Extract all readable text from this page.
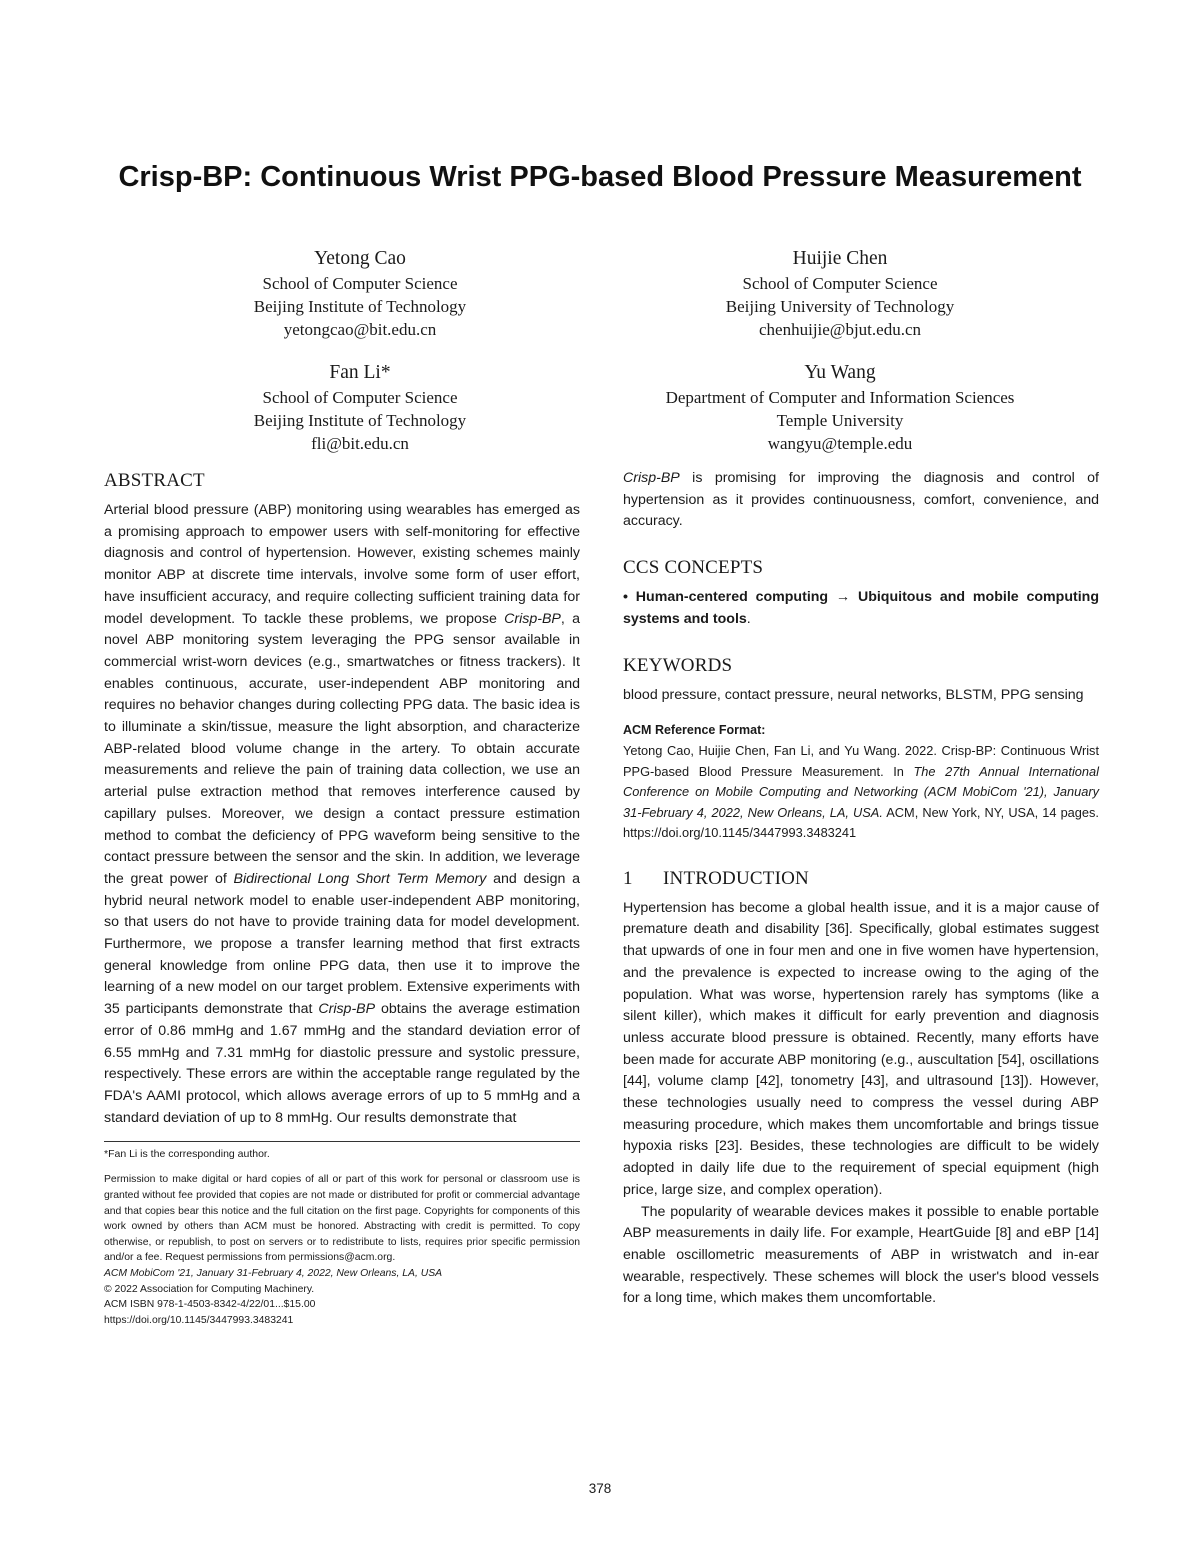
Crisp-BP: Continuous Wrist PPG-based Blood Pressure Measurement
Yetong Cao
School of Computer Science
Beijing Institute of Technology
yetongcao@bit.edu.cn
Huijie Chen
School of Computer Science
Beijing University of Technology
chenhuijie@bjut.edu.cn
Fan Li*
School of Computer Science
Beijing Institute of Technology
fli@bit.edu.cn
Yu Wang
Department of Computer and Information Sciences
Temple University
wangyu@temple.edu
ABSTRACT

Arterial blood pressure (ABP) monitoring using wearables has emerged as a promising approach to empower users with self-monitoring for effective diagnosis and control of hypertension. However, existing schemes mainly monitor ABP at discrete time intervals, involve some form of user effort, have insufficient accuracy, and require collecting sufficient training data for model development. To tackle these problems, we propose Crisp-BP, a novel ABP monitoring system leveraging the PPG sensor available in commercial wrist-worn devices (e.g., smartwatches or fitness trackers). It enables continuous, accurate, user-independent ABP monitoring and requires no behavior changes during collecting PPG data. The basic idea is to illuminate a skin/tissue, measure the light absorption, and characterize ABP-related blood volume change in the artery. To obtain accurate measurements and relieve the pain of training data collection, we use an arterial pulse extraction method that removes interference caused by capillary pulses. Moreover, we design a contact pressure estimation method to combat the deficiency of PPG waveform being sensitive to the contact pressure between the sensor and the skin. In addition, we leverage the great power of Bidirectional Long Short Term Memory and design a hybrid neural network model to enable user-independent ABP monitoring, so that users do not have to provide training data for model development. Furthermore, we propose a transfer learning method that first extracts general knowledge from online PPG data, then use it to improve the learning of a new model on our target problem. Extensive experiments with 35 participants demonstrate that Crisp-BP obtains the average estimation error of 0.86 mmHg and 1.67 mmHg and the standard deviation error of 6.55 mmHg and 7.31 mmHg for diastolic pressure and systolic pressure, respectively. These errors are within the acceptable range regulated by the FDA's AAMI protocol, which allows average errors of up to 5 mmHg and a standard deviation of up to 8 mmHg. Our results demonstrate that

*Fan Li is the corresponding author.

Permission to make digital or hard copies of all or part of this work for personal or classroom use is granted without fee provided that copies are not made or distributed for profit or commercial advantage and that copies bear this notice and the full citation on the first page. Copyrights for components of this work owned by others than ACM must be honored. Abstracting with credit is permitted. To copy otherwise, or republish, to post on servers or to redistribute to lists, requires prior specific permission and/or a fee. Request permissions from permissions@acm.org.

ACM MobiCom '21, January 31-February 4, 2022, New Orleans, LA, USA

© 2022 Association for Computing Machinery.

ACM ISBN 978-1-4503-8342-4/22/01...$15.00

https://doi.org/10.1145/3447993.3483241

Crisp-BP is promising for improving the diagnosis and control of hypertension as it provides continuousness, comfort, convenience, and accuracy.

CCS CONCEPTS

• Human-centered computing → Ubiquitous and mobile computing systems and tools.

KEYWORDS

blood pressure, contact pressure, neural networks, BLSTM, PPG sensing

ACM Reference Format:

Yetong Cao, Huijie Chen, Fan Li, and Yu Wang. 2022. Crisp-BP: Continuous Wrist PPG-based Blood Pressure Measurement. In The 27th Annual International Conference on Mobile Computing and Networking (ACM MobiCom '21), January 31-February 4, 2022, New Orleans, LA, USA. ACM, New York, NY, USA, 14 pages. https://doi.org/10.1145/3447993.3483241

1 INTRODUCTION

Hypertension has become a global health issue, and it is a major cause of premature death and disability [36]. Specifically, global estimates suggest that upwards of one in four men and one in five women have hypertension, and the prevalence is expected to increase owing to the aging of the population. What was worse, hypertension rarely has symptoms (like a silent killer), which makes it difficult for early prevention and diagnosis unless accurate blood pressure is obtained. Recently, many efforts have been made for accurate ABP monitoring (e.g., auscultation [54], oscillations [44], volume clamp [42], tonometry [43], and ultrasound [13]). However, these technologies usually need to compress the vessel during ABP measuring procedure, which makes them uncomfortable and brings tissue hypoxia risks [23]. Besides, these technologies are difficult to be widely adopted in daily life due to the requirement of special equipment (high price, large size, and complex operation).

The popularity of wearable devices makes it possible to enable portable ABP measurements in daily life. For example, HeartGuide [8] and eBP [14] enable oscillometric measurements of ABP in wristwatch and in-ear wearable, respectively. These schemes will block the user's blood vessels for a long time, which makes them uncomfortable.

378
